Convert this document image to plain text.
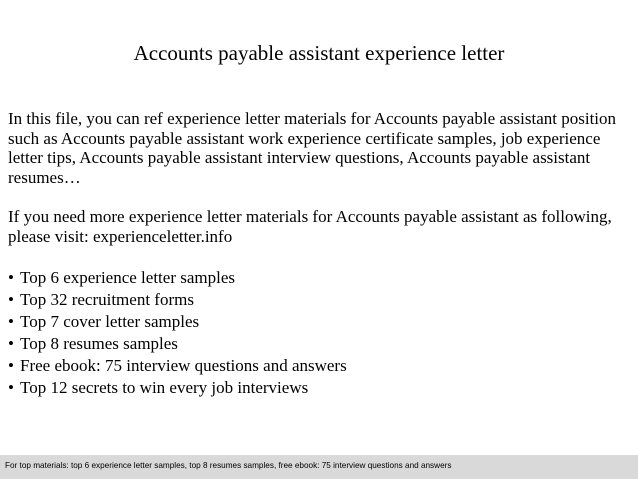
Accounts payable assistant experience letter

In this file, you can ref experience letter materials for Accounts payable assistant position such as Accounts payable assistant work experience certificate samples, job experience letter tips, Accounts payable assistant interview questions, Accounts payable assistant resumes…

If you need more experience letter materials for Accounts payable assistant as following, please visit: experienceletter.info

• Top 6 experience letter samples
• Top 32 recruitment forms
• Top 7 cover letter samples
• Top 8 resumes samples
• Free ebook: 75 interview questions and answers
• Top 12 secrets to win every job interviews
For top materials: top 6 experience letter samples, top 8 resumes samples, free ebook: 75 interview questions and answers
